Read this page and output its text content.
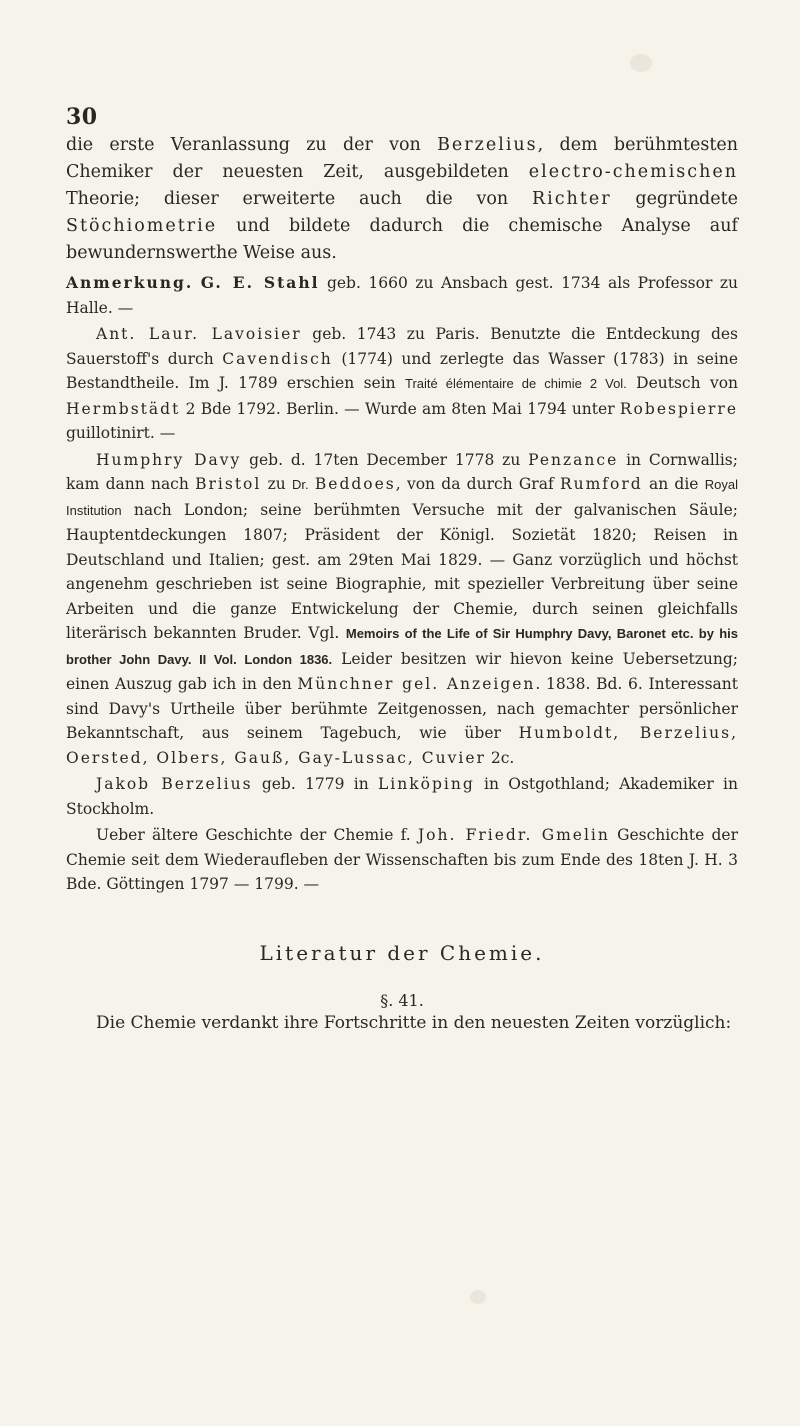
30

die erste Veranlassung zu der von Berzelius, dem berühmtesten Chemiker der neuesten Zeit, ausgebildeten electro-chemischen Theorie; dieser erweiterte auch die von Richter gegründete Stöchiometrie und bildete dadurch die chemische Analyse auf bewundernswerthe Weise aus.

Anmerkung. G. E. Stahl geb. 1660 zu Ansbach gest. 1734 als Professor zu Halle. —

Ant. Laur. Lavoisier geb. 1743 zu Paris. Benutzte die Entdeckung des Sauerstoff's durch Cavendisch (1774) und zerlegte das Wasser (1783) in seine Bestandtheile. Im J. 1789 erschien sein Traité élémentaire de chimie 2 Vol. Deutsch von Hermbstädt 2 Bde 1792. Berlin. — Wurde am 8ten Mai 1794 unter Robespierre guillotinirt. —

Humphry Davy geb. d. 17ten December 1778 zu Penzance in Cornwallis; kam dann nach Bristol zu Dr. Beddoes, von da durch Graf Rumford an die Royal Institution nach London; seine berühmten Versuche mit der galvanischen Säule; Hauptentdeckungen 1807; Präsident der Königl. Sozietät 1820; Reisen in Deutschland und Italien; gest. am 29ten Mai 1829. — Ganz vorzüglich und höchst angenehm geschrieben ist seine Biographie, mit spezieller Verbreitung über seine Arbeiten und die ganze Entwickelung der Chemie, durch seinen gleichfalls literärisch bekannten Bruder. Vgl. Memoirs of the Life of Sir Humphry Davy, Baronet etc. by his brother John Davy. II Vol. London 1836. Leider besitzen wir hievon keine Uebersetzung; einen Auszug gab ich in den Münchner gel. Anzeigen. 1838. Bd. 6. Interessant sind Davy's Urtheile über berühmte Zeitgenossen, nach gemachter persönlicher Bekanntschaft, aus seinem Tagebuch, wie über Humboldt, Berzelius, Oersted, Olbers, Gauß, Gay-Lussac, Cuvier 2c.

Jakob Berzelius geb. 1779 in Linköping in Ostgothland; Akademiker in Stockholm.

Ueber ältere Geschichte der Chemie f. Joh. Friedr. Gmelin Geschichte der Chemie seit dem Wiederaufleben der Wissenschaften bis zum Ende des 18ten J. H. 3 Bde. Göttingen 1797 — 1799. —

Literatur der Chemie.
§. 41.

Die Chemie verdankt ihre Fortschritte in den neuesten Zeiten vorzüglich:
